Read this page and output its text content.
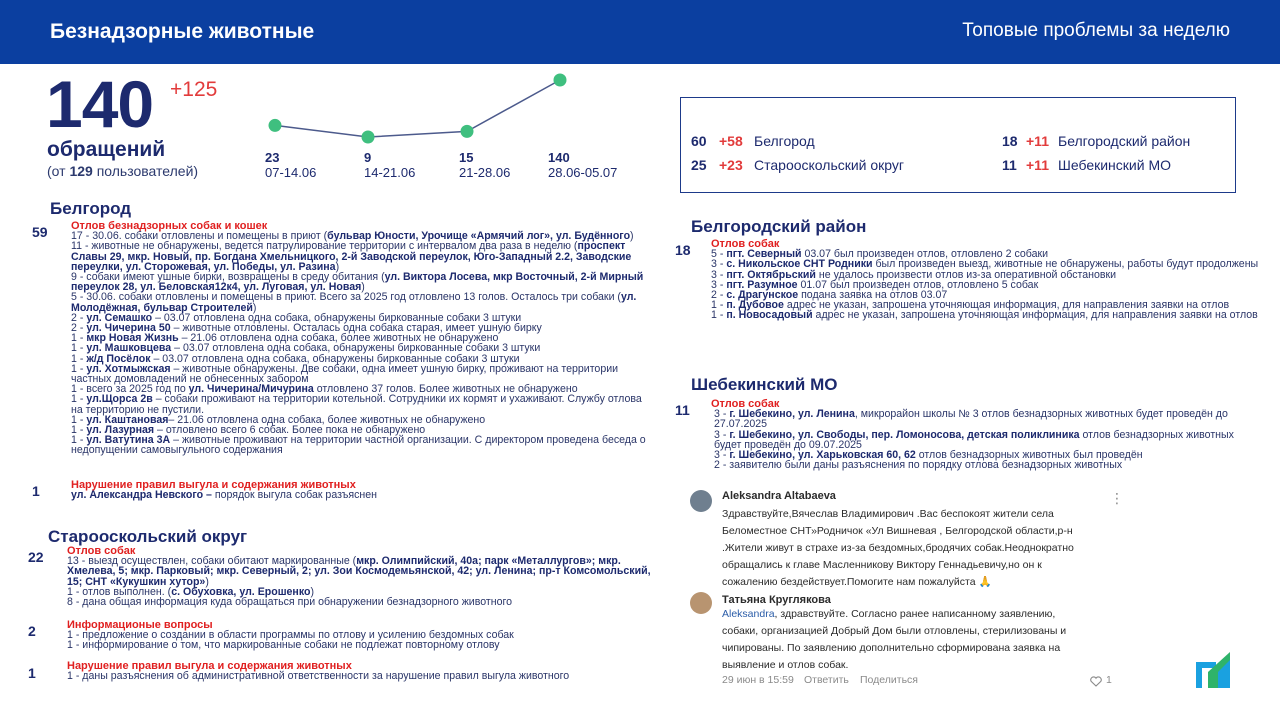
Безнадзорные животные	Топовые проблемы за неделю
140 +125
обращений
(от 129 пользователей)
23
07-14.06
9
14-21.06
15
21-28.06
140
28.06-05.07
60 +58 Белгород
25 +23 Старооскольский округ
18 +11 Белгородский район
11 +11 Шебекинский МО
Белгород
59 Отлов безнадзорных собак и кошек

17 - 30.06. собаки отловлены и помещены в приют (бульвар Юности, Урочище «Армячий лог», ул. Будённого)

11 - животные не обнаружены, ведется патрулирование территории с интервалом два раза в неделю (проспект Славы 29, мкр. Новый, пр. Богдана Хмельницкого, 2-й Заводской переулок, Юго-Западный 2.2, Заводские переулки, ул. Сторожевая, ул. Победы, ул. Разина)

9 - собаки имеют ушные бирки, возвращены в среду обитания (ул. Виктора Лосева, мкр Восточный, 2-й Мирный переулок 28, ул. Беловская12к4, ул. Луговая, ул. Новая)

5 - 30.06. собаки отловлены и помещены в приют. Всего за 2025 год отловлено 13 голов. Осталось три собаки (ул. Молодёжная, бульвар Строителей)

2 - ул. Семашко – 03.07 отловлена одна собака, обнаружены биркованные собаки 3 штуки

2 - ул. Чичерина 50 – животные отловлены. Осталась одна собака старая, имеет ушную бирку

1 - мкр Новая Жизнь – 21.06 отловлена одна собака, более животных не обнаружено

1 - ул. Машковцева – 03.07 отловлена одна собака, обнаружены биркованные собаки 3 штуки

1 - ж/д Посёлок – 03.07 отловлена одна собака, обнаружены биркованные собаки 3 штуки

1 - ул. Хотмыжская – животные обнаружены. Две собаки, одна имеет ушную бирку, проживают на территории частных домовладений не обнесенных забором

1 - всего за 2025 год по ул. Чичерина/Мичурина отловлено 37 голов. Более животных не обнаружено

1 - ул.Щорса 2в – собаки проживают на территории котельной. Сотрудники их кормят и ухаживают. Службу отлова на территорию не пустили.

1 - ул. Каштановая– 21.06 отловлена одна собака, более животных не обнаружено

1 - ул. Лазурная – отловлено всего 6 собак. Более пока не обнаружено

1 - ул. Ватутина 3А – животные проживают на территории частной организации. С директором проведена беседа о недопущении самовыгульного содержания

1	Нарушение правил выгула и содержания животных

ул. Александра Невского – порядок выгула собак разъяснен

Старооскольский округ
22 Отлов собак

13 - выезд осуществлен, собаки обитают маркированные (мкр. Олимпийский, 40а; парк «Металлургов»; мкр. Хмелева, 5; мкр. Парковый; мкр. Северный, 2; ул. Зои Космодемьянской, 42; ул. Ленина; пр-т Комсомольский, 15; СНТ «Кукушкин хутор»)

1 - отлов выполнен. (с. Обуховка, ул. Ерошенко)

8 - дана общая информация куда обращаться при обнаружении безнадзорного животного

2	Информационые вопросы

1 - предложение о создании в области программы по отлову и усилению бездомных собак

1 - информирование о том, что маркированные собаки не подлежат повторному отлову

1	Нарушение правил выгула и содержания животных

1 - даны разъяснения об административной ответственности за нарушение правил выгула животного

Белгородский район
18 Отлов собак

5 - пгт. Северный 03.07 был произведен отлов, отловлено 2 собаки

3 - с. Никольское СНТ Родники был произведен выезд, животные не обнаружены, работы будут продолжены

3 - пгт. Октябрьский не удалось произвести отлов из-за оперативной обстановки

3 - пгт. Разумное 01.07 был произведен отлов, отловлено 5 собак

2 - с. Драгунское подана заявка на отлов 03.07

1 - п. Дубовое адрес не указан, запрошена уточняющая информация, для направления заявки на отлов

1 - п. Новосадовый адрес не указан, запрошена уточняющая информация, для направления заявки на отлов

Шебекинский МО
11 Отлов собак

3 - г. Шебекино, ул. Ленина, микрорайон школы № 3 отлов безнадзорных животных будет проведён до 27.07.2025

3 - г. Шебекино, ул. Свободы, пер. Ломоносова, детская поликлиника отлов безнадзорных животных будет проведён до 09.07.2025

3 - г. Шебекино, ул. Харьковская 60, 62 отлов безнадзорных животных был проведён

2 - заявителю были даны разъяснения по порядку отлова безнадзорных животных

Aleksandra Altabaeva	⋮
Здравствуйте,Вячеслав Владимирович .Вас беспокоят жители села
Беломестное СНТ»Родничок «Ул Вишневая , Белгородской области,р-н
.Жители живут в страхе из-за бездомных,бродячих собак.Неоднократно
обращались к главе Масленникову Виктору Геннадьевичу,но он к
сожалению бездействует.Помогите нам пожалуйста 🙏
Татьяна Круглякова
Aleksandra, здравствуйте. Согласно ранее написанному заявлению,
собаки, организацией Добрый Дом были отловлены, стерилизованы и
чипированы. По заявлению дополнительно сформирована заявка на
выявление и отлов собак.
29 июн в 15:59 Ответить Поделиться	1
